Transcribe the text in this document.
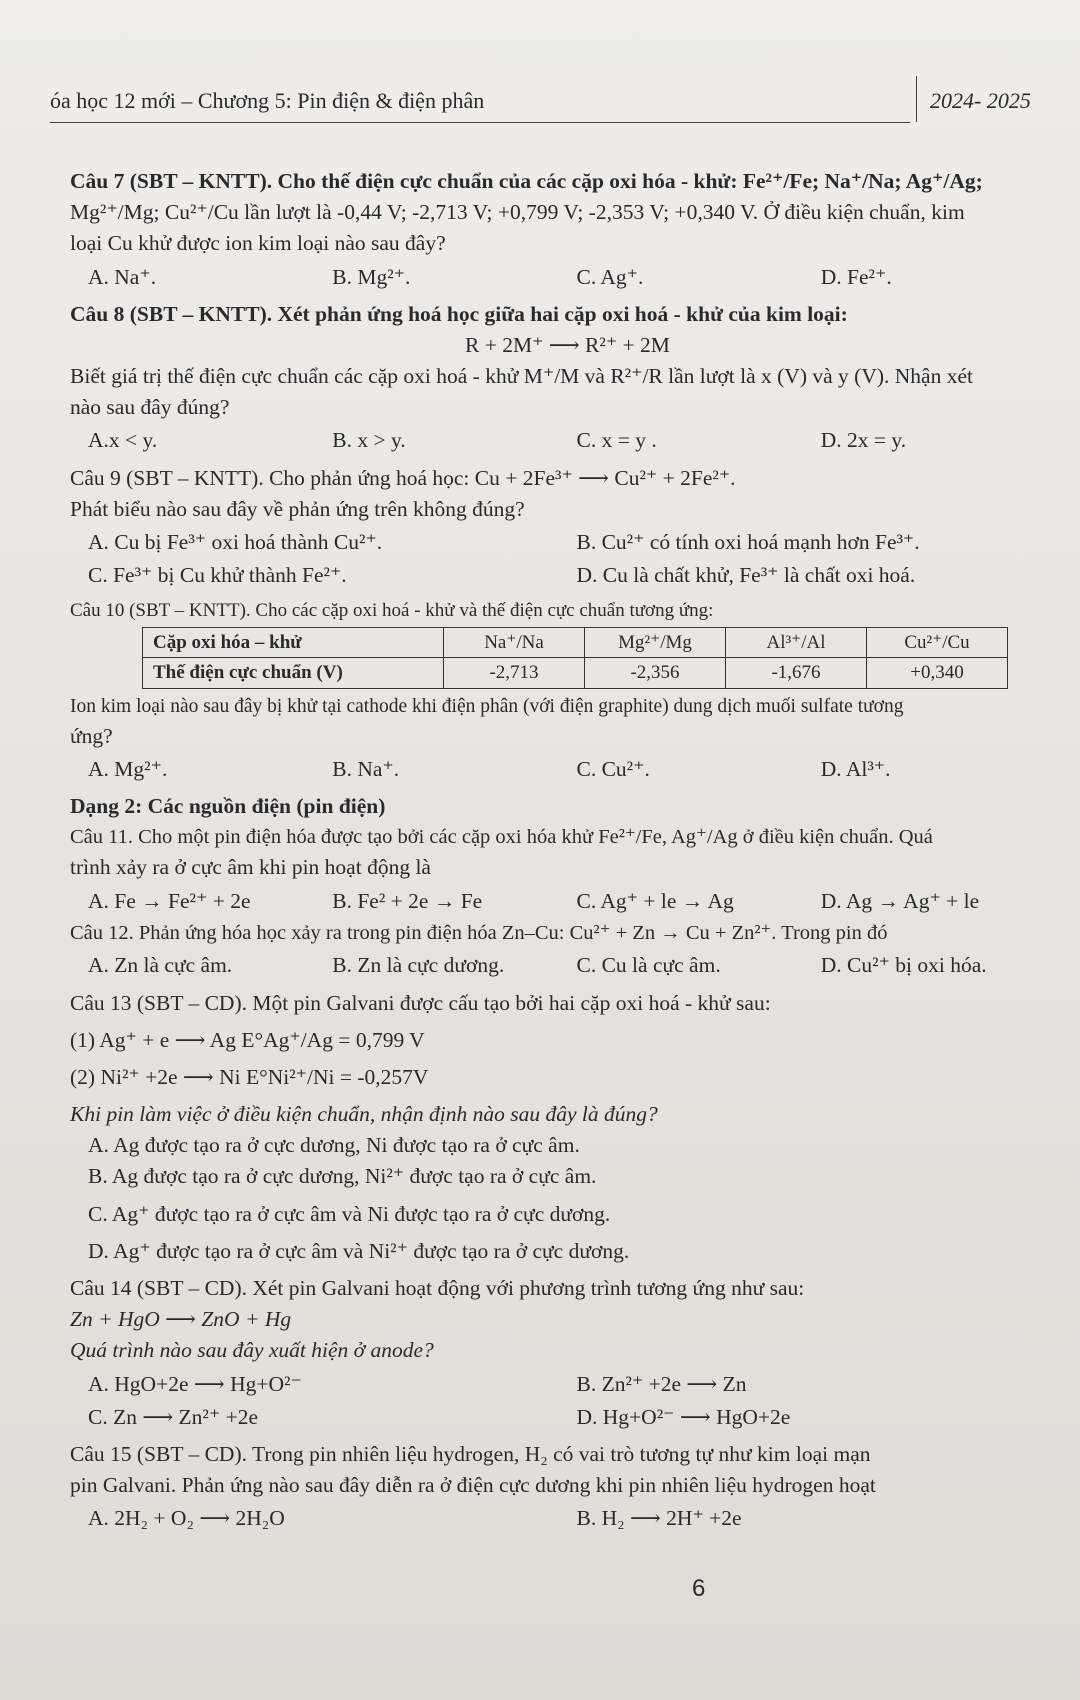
óa học 12 mới – Chương 5: Pin điện & điện phân	2024- 2025

Câu 7 (SBT – KNTT). Cho thế điện cực chuẩn của các cặp oxi hóa - khử: Fe²⁺/Fe; Na⁺/Na; Ag⁺/Ag;

Mg²⁺/Mg; Cu²⁺/Cu lần lượt là -0,44 V; -2,713 V; +0,799 V; -2,353 V; +0,340 V. Ở điều kiện chuẩn, kim

loại Cu khử được ion kim loại nào sau đây?

A. Na⁺.	B. Mg²⁺.	C. Ag⁺.	D. Fe²⁺.

Câu 8 (SBT – KNTT). Xét phản ứng hoá học giữa hai cặp oxi hoá - khử của kim loại:

R + 2M⁺ ⟶ R²⁺ + 2M

Biết giá trị thế điện cực chuẩn các cặp oxi hoá - khử M⁺/M và R²⁺/R lần lượt là x (V) và y (V). Nhận xét

nào sau đây đúng?

A.x < y.	B. x > y.	C. x = y .	D. 2x = y.

Câu 9 (SBT – KNTT). Cho phản ứng hoá học: Cu + 2Fe³⁺ ⟶ Cu²⁺ + 2Fe²⁺.

Phát biểu nào sau đây về phản ứng trên không đúng?

A. Cu bị Fe³⁺ oxi hoá thành Cu²⁺.	B. Cu²⁺ có tính oxi hoá mạnh hơn Fe³⁺.
C. Fe³⁺ bị Cu khử thành Fe²⁺.	D. Cu là chất khử, Fe³⁺ là chất oxi hoá.

Câu 10 (SBT – KNTT). Cho các cặp oxi hoá - khử và thế điện cực chuẩn tương ứng:

Cặp oxi hóa – khử	Na⁺/Na	Mg²⁺/Mg	Al³⁺/Al	Cu²⁺/Cu
Thế điện cực chuẩn (V)	-2,713	-2,356	-1,676	+0,340

Ion kim loại nào sau đây bị khử tại cathode khi điện phân (với điện graphite) dung dịch muối sulfate tương

ứng?

A. Mg²⁺.	B. Na⁺.	C. Cu²⁺.	D. Al³⁺.

Dạng 2: Các nguồn điện (pin điện)

Câu 11. Cho một pin điện hóa được tạo bởi các cặp oxi hóa khử Fe²⁺/Fe, Ag⁺/Ag ở điều kiện chuẩn. Quá

trình xảy ra ở cực âm khi pin hoạt động là

A. Fe → Fe²⁺ + 2e	B. Fe² + 2e → Fe	C. Ag⁺ + le → Ag	D. Ag → Ag⁺ + le

Câu 12. Phản ứng hóa học xảy ra trong pin điện hóa Zn–Cu: Cu²⁺ + Zn → Cu + Zn²⁺. Trong pin đó

A. Zn là cực âm.	B. Zn là cực dương.	C. Cu là cực âm.	D. Cu²⁺ bị oxi hóa.

Câu 13 (SBT – CD). Một pin Galvani được cấu tạo bởi hai cặp oxi hoá - khử sau:

(1) Ag⁺ + e ⟶ Ag E°Ag⁺/Ag = 0,799 V

(2) Ni²⁺ +2e ⟶ Ni E°Ni²⁺/Ni = -0,257V

Khi pin làm việc ở điều kiện chuẩn, nhận định nào sau đây là đúng?

A. Ag được tạo ra ở cực dương, Ni được tạo ra ở cực âm.

B. Ag được tạo ra ở cực dương, Ni²⁺ được tạo ra ở cực âm.

C. Ag⁺ được tạo ra ở cực âm và Ni được tạo ra ở cực dương.

D. Ag⁺ được tạo ra ở cực âm và Ni²⁺ được tạo ra ở cực dương.

Câu 14 (SBT – CD). Xét pin Galvani hoạt động với phương trình tương ứng như sau:

Zn + HgO ⟶ ZnO + Hg

Quá trình nào sau đây xuất hiện ở anode?

A. HgO+2e ⟶ Hg+O²⁻	B. Zn²⁺ +2e ⟶ Zn
C. Zn ⟶ Zn²⁺ +2e	D. Hg+O²⁻ ⟶ HgO+2e

Câu 15 (SBT – CD). Trong pin nhiên liệu hydrogen, H₂ có vai trò tương tự như kim loại mạn

pin Galvani. Phản ứng nào sau đây diễn ra ở điện cực dương khi pin nhiên liệu hydrogen hoạt

A. 2H₂ + O₂ ⟶ 2H₂O	B. H₂ ⟶ 2H⁺ +2e
6
